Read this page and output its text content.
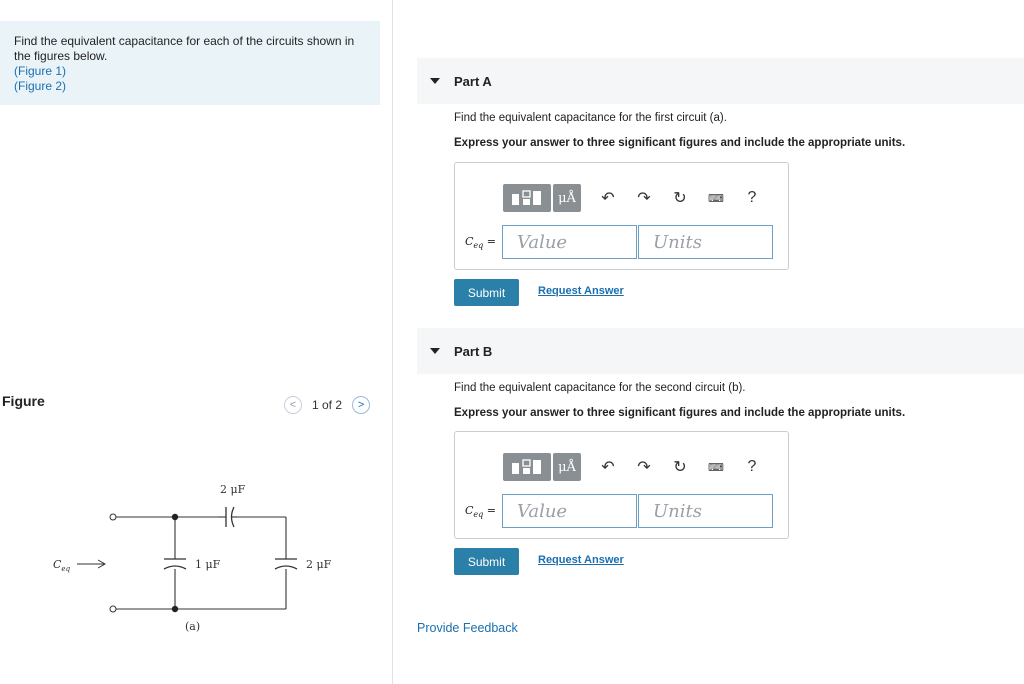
Find the equivalent capacitance for each of the circuits shown in the figures below.
(Figure 1)
(Figure 2)
Figure	< 1 of 2 >
2 μF
1 μF	2 μF
$C_{eq}$
(a)
Part A
Find the equivalent capacitance for the first circuit (a).
Express your answer to three significant figures and include the appropriate units.
μÅ ↶ ↷ ↻	⌨	?
$C_{eq}$ =
Value
Units
Submit	Request Answer
Part B
Find the equivalent capacitance for the second circuit (b).
Express your answer to three significant figures and include the appropriate units.
μÅ ↶ ↷ ↻	⌨	?
$C_{eq}$ =
Value
Units
Submit	Request Answer
Provide Feedback
